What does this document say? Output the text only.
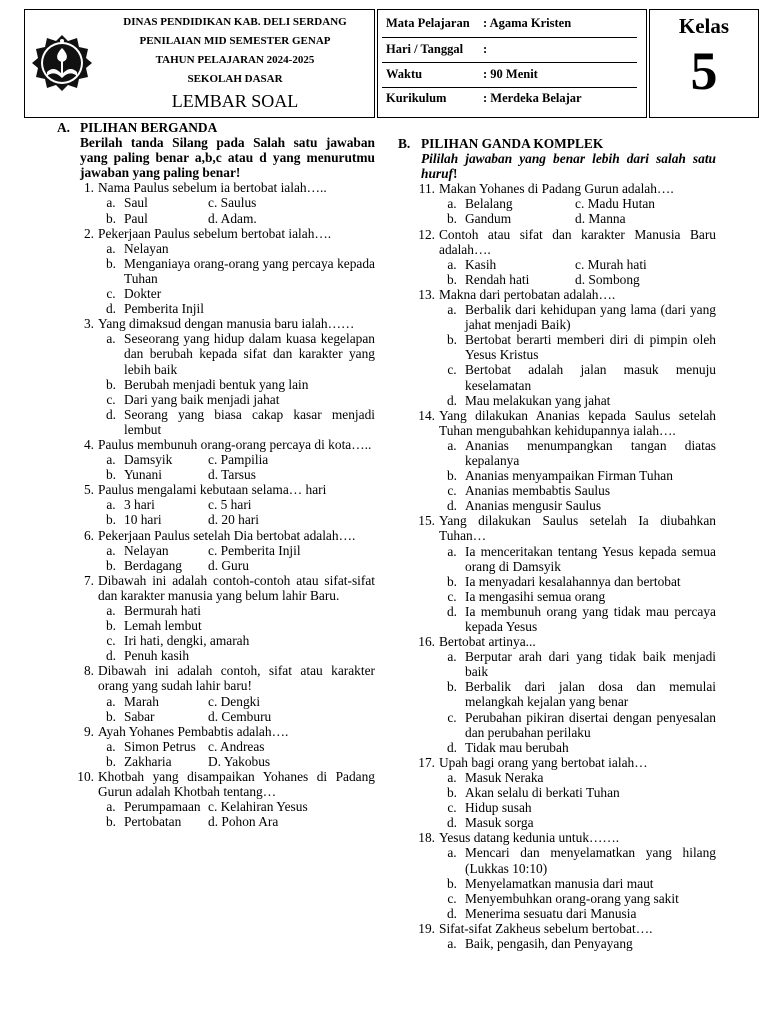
DINAS PENDIDIKAN KAB. DELI SERDANG
PENILAIAN MID SEMESTER GENAP
TAHUN PELAJARAN 2024-2025
SEKOLAH DASAR
LEMBAR SOAL
Mata Pelajaran : Agama Kristen
Hari / Tanggal :
Waktu	: 90 Menit
Kurikulum	: Merdeka Belajar
Kelas
5
A. PILIHAN BERGANDA
Berilah tanda Silang pada Salah satu jawaban yang paling benar a,b,c atau d yang menurutmu jawaban yang paling benar!
1. Nama Paulus sebelum ia bertobat ialah…..
a. Saul	c. Saulus
b. Paul	d. Adam.
2. Pekerjaan Paulus sebelum bertobat ialah….
a. Nelayan
b. Menganiaya orang-orang yang percaya kepada Tuhan
c. Dokter
d. Pemberita Injil
3. Yang dimaksud dengan manusia baru ialah……
a. Seseorang yang hidup dalam kuasa kegelapan dan berubah kepada sifat dan karakter yang lebih baik
b. Berubah menjadi bentuk yang lain
c. Dari yang baik menjadi jahat
d. Seorang yang biasa cakap kasar menjadi lembut
4. Paulus membunuh orang-orang percaya di kota…..
a. Damsyik	c. Pampilia
b. Yunani	d. Tarsus
5. Paulus mengalami kebutaan selama… hari
a. 3 hari	c. 5 hari
b. 10 hari	d. 20 hari
6. Pekerjaan Paulus setelah Dia bertobat adalah….
a. Nelayan	c. Pemberita Injil
b. Berdagang d. Guru
7. Dibawah ini adalah contoh-contoh atau sifat-sifat dan karakter manusia yang belum lahir Baru.
a. Bermurah hati
b. Lemah lembut
c. Iri hati, dengki, amarah
d. Penuh kasih
8. Dibawah ini adalah contoh, sifat atau karakter orang yang sudah lahir baru!
a. Marah	c. Dengki
b. Sabar	d. Cemburu
9. Ayah Yohanes Pembabtis adalah….
a. Simon Petrus c. Andreas
b. Zakharia	D. Yakobus
10. Khotbah yang disampaikan Yohanes di Padang Gurun adalah Khotbah tentang…
a. Perumpamaan c. Kelahiran Yesus
b. Pertobatan d. Pohon Ara
B. PILIHAN GANDA KOMPLEK
Pililah jawaban yang benar lebih dari salah satu huruf!
11. Makan Yohanes di Padang Gurun adalah….
a. Belalang	c. Madu Hutan
b. Gandum	d. Manna
12. Contoh atau sifat dan karakter Manusia Baru adalah….
a. Kasih	c. Murah hati
b. Rendah hati	d. Sombong
13. Makna dari pertobatan adalah….
a. Berbalik dari kehidupan yang lama (dari yang jahat menjadi Baik)
b. Bertobat berarti memberi diri di pimpin oleh Yesus Kristus
c. Bertobat adalah jalan masuk menuju keselamatan
d. Mau melakukan yang jahat
14. Yang dilakukan Ananias kepada Saulus setelah Tuhan mengubahkan kehidupannya ialah….
a. Ananias menumpangkan tangan diatas kepalanya
b. Ananias menyampaikan Firman Tuhan
c. Ananias membabtis Saulus
d. Ananias mengusir Saulus
15. Yang dilakukan Saulus setelah Ia diubahkan Tuhan…
a. Ia menceritakan tentang Yesus kepada semua orang di Damsyik
b. Ia menyadari kesalahannya dan bertobat
c. Ia mengasihi semua orang
d. Ia membunuh orang yang tidak mau percaya kepada Yesus
16. Bertobat artinya...
a. Berputar arah dari yang tidak baik menjadi baik
b. Berbalik dari jalan dosa dan memulai melangkah kejalan yang benar
c. Perubahan pikiran disertai dengan penyesalan dan perubahan perilaku
d. Tidak mau berubah
17. Upah bagi orang yang bertobat ialah…
a. Masuk Neraka
b. Akan selalu di berkati Tuhan
c. Hidup susah
d. Masuk sorga
18. Yesus datang kedunia untuk…….
a. Mencari dan menyelamatkan yang hilang (Lukkas 10:10)
b. Menyelamatkan manusia dari maut
c. Menyembuhkan orang-orang yang sakit
d. Menerima sesuatu dari Manusia
19. Sifat-sifat Zakheus sebelum bertobat….
a. Baik, pengasih, dan Penyayang
